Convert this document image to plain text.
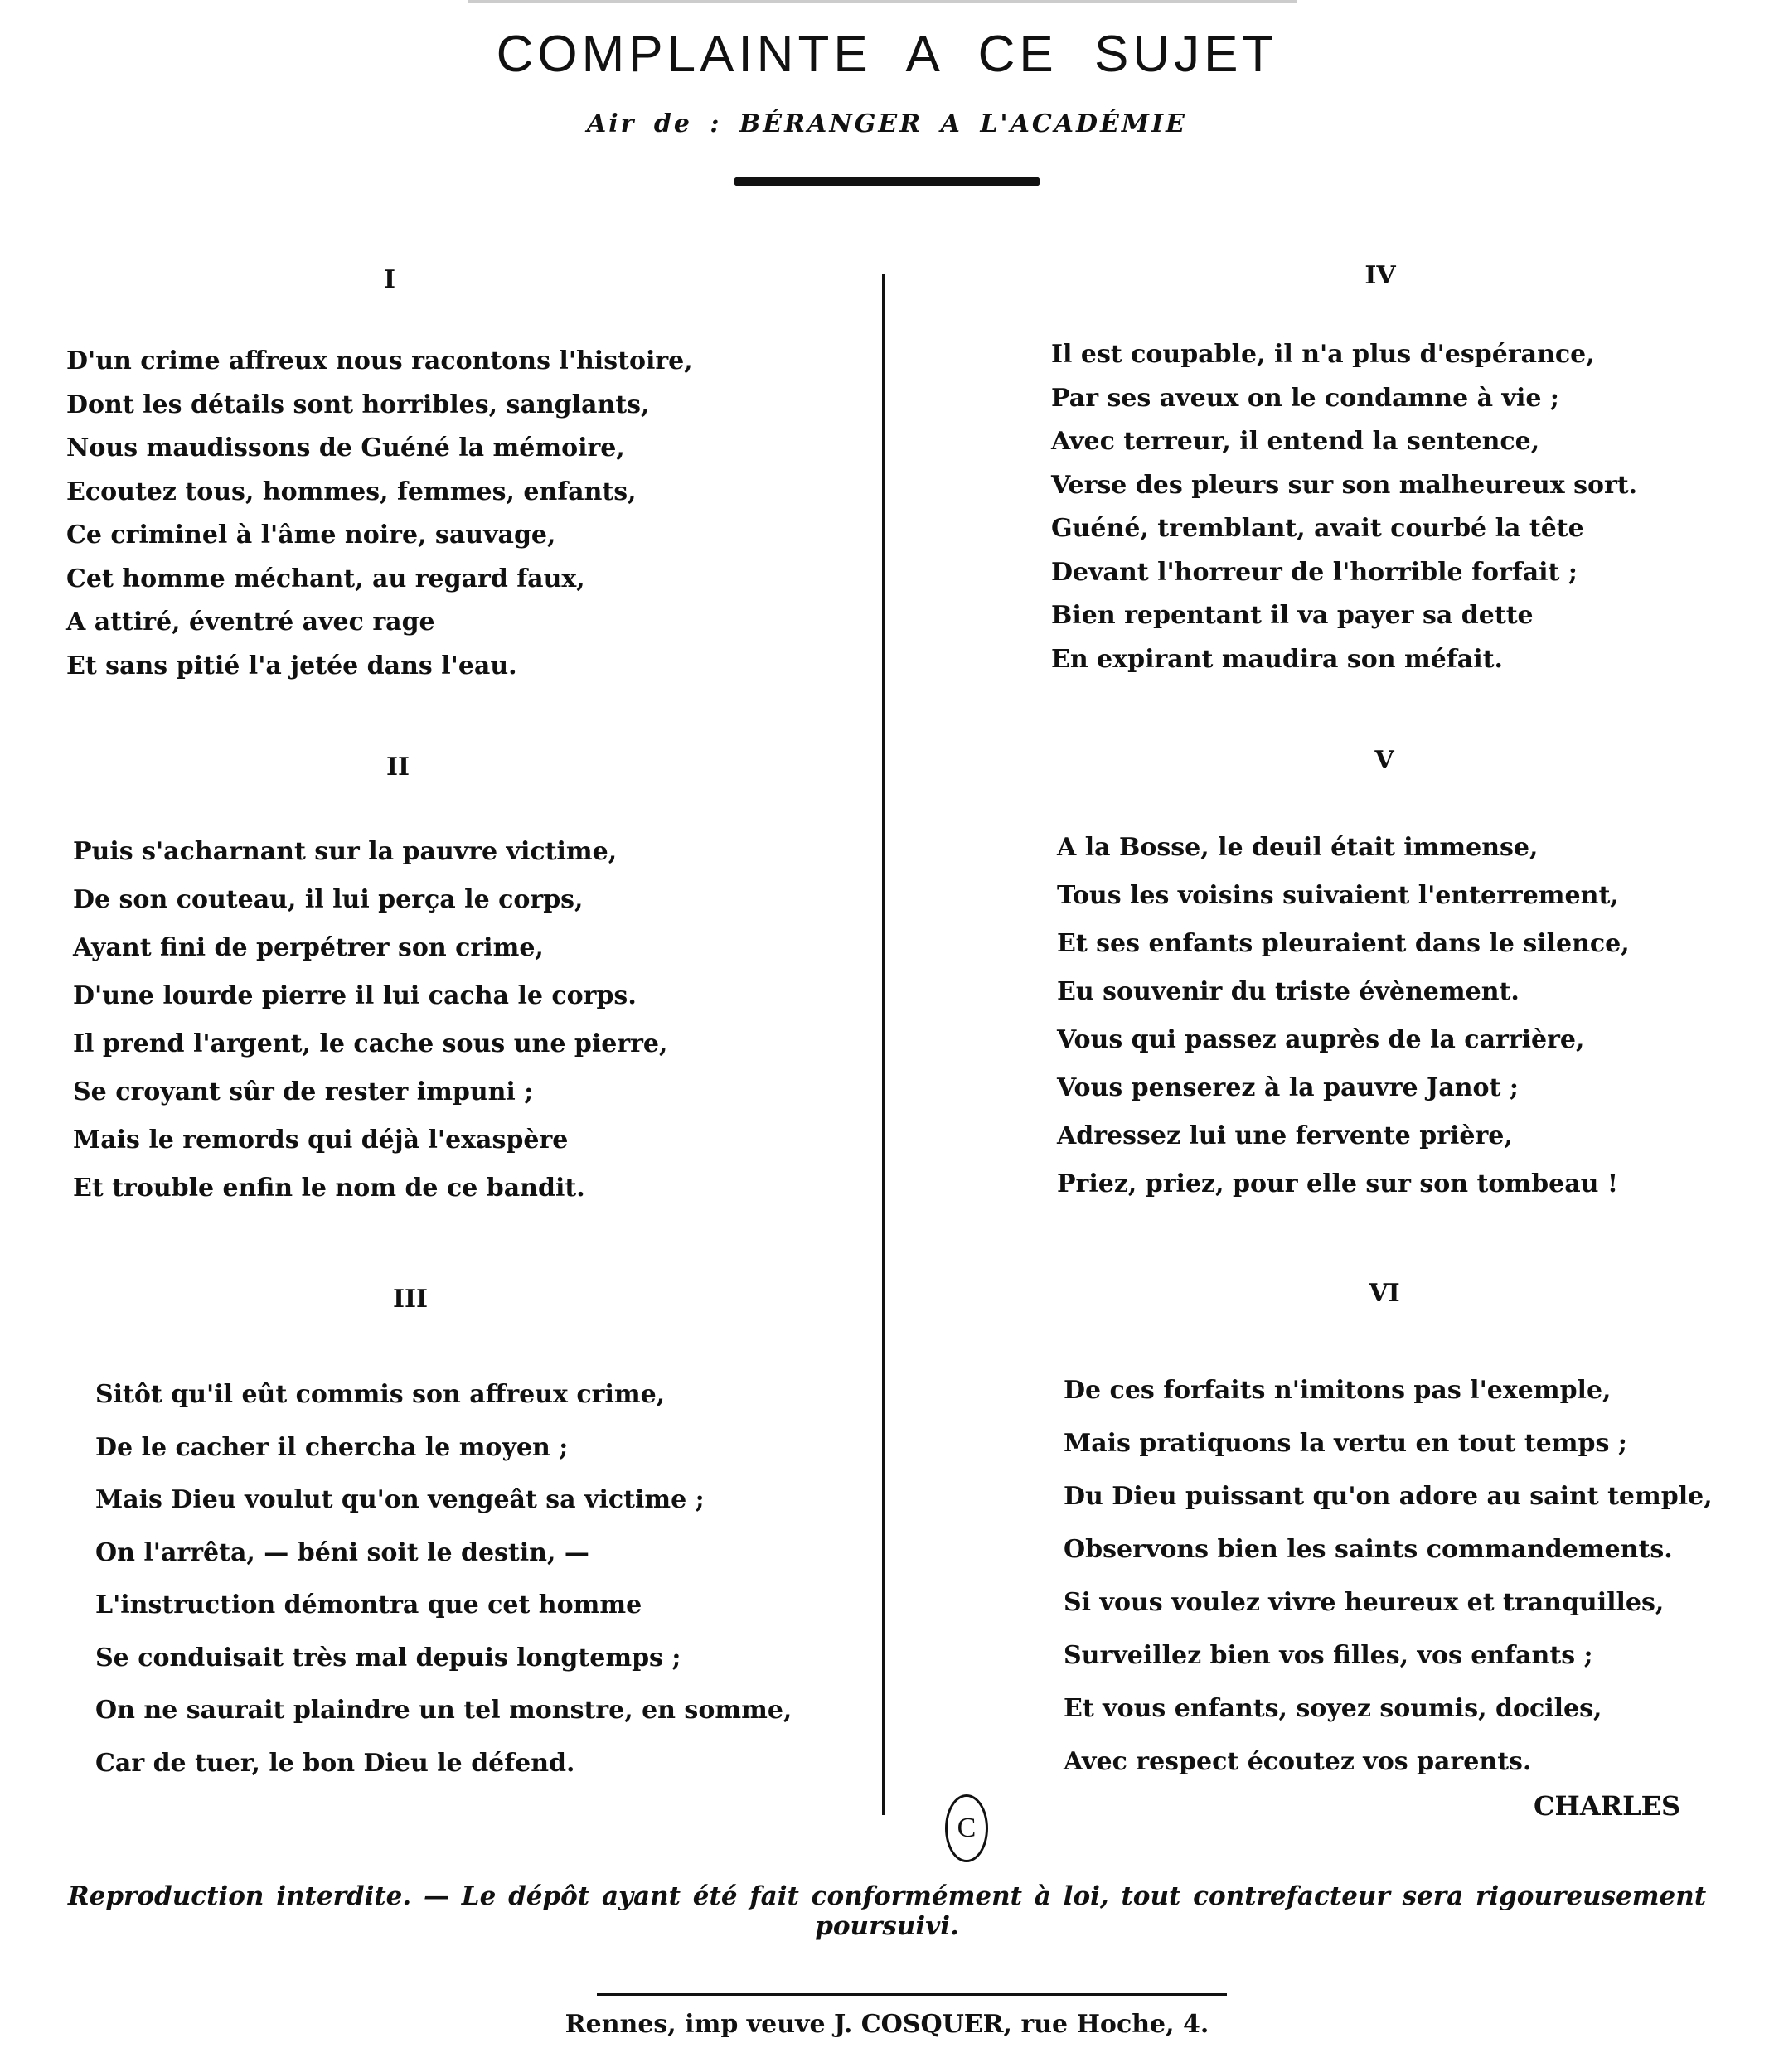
COMPLAINTE A CE SUJET
Air de : BÉRANGER A L'ACADÉMIE
I
D'un crime affreux nous racontons l'histoire,
Dont les détails sont horribles, sanglants,
Nous maudissons de Guéné la mémoire,
Ecoutez tous, hommes, femmes, enfants,
Ce criminel à l'âme noire, sauvage,
Cet homme méchant, au regard faux,
A attiré, éventré avec rage
Et sans pitié l'a jetée dans l'eau.
II
Puis s'acharnant sur la pauvre victime,
De son couteau, il lui perça le corps,
Ayant fini de perpétrer son crime,
D'une lourde pierre il lui cacha le corps.
Il prend l'argent, le cache sous une pierre,
Se croyant sûr de rester impuni ;
Mais le remords qui déjà l'exaspère
Et trouble enfin le nom de ce bandit.
III
Sitôt qu'il eût commis son affreux crime,
De le cacher il chercha le moyen ;
Mais Dieu voulut qu'on vengeât sa victime ;
On l'arrêta, — béni soit le destin, —
L'instruction démontra que cet homme
Se conduisait très mal depuis longtemps ;
On ne saurait plaindre un tel monstre, en somme,
Car de tuer, le bon Dieu le défend.
IV
Il est coupable, il n'a plus d'espérance,
Par ses aveux on le condamne à vie ;
Avec terreur, il entend la sentence,
Verse des pleurs sur son malheureux sort.
Guéné, tremblant, avait courbé la tête
Devant l'horreur de l'horrible forfait ;
Bien repentant il va payer sa dette
En expirant maudira son méfait.
V
A la Bosse, le deuil était immense,
Tous les voisins suivaient l'enterrement,
Et ses enfants pleuraient dans le silence,
Eu souvenir du triste évènement.
Vous qui passez auprès de la carrière,
Vous penserez à la pauvre Janot ;
Adressez lui une fervente prière,
Priez, priez, pour elle sur son tombeau !
VI
De ces forfaits n'imitons pas l'exemple,
Mais pratiquons la vertu en tout temps ;
Du Dieu puissant qu'on adore au saint temple,
Observons bien les saints commandements.
Si vous voulez vivre heureux et tranquilles,
Surveillez bien vos filles, vos enfants ;
Et vous enfants, soyez soumis, dociles,
Avec respect écoutez vos parents.
C
CHARLES
Reproduction interdite. — Le dépôt ayant été fait conformément à loi, tout contrefacteur sera rigoureusement poursuivi.
Rennes, imp veuve J. COSQUER, rue Hoche, 4.
